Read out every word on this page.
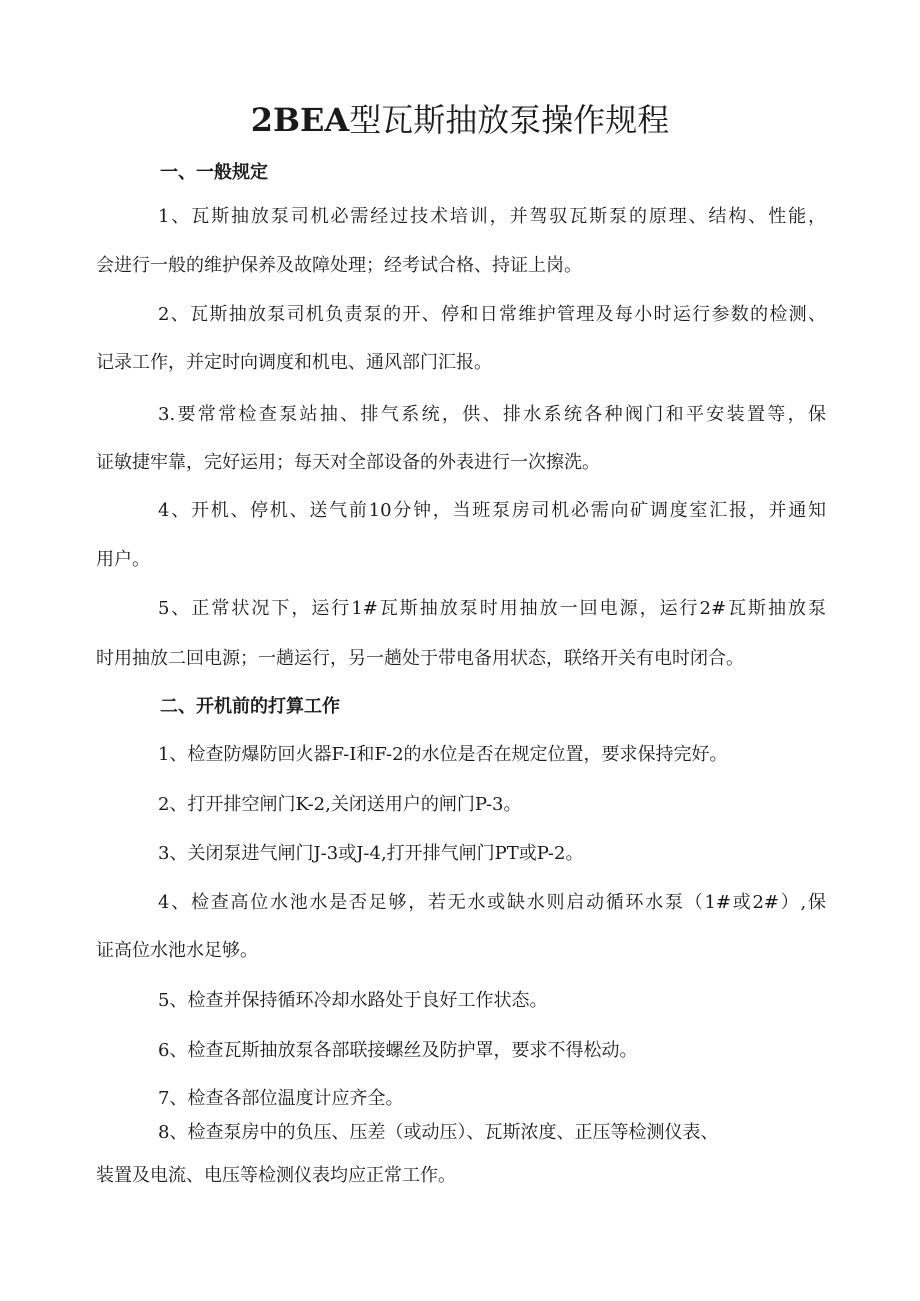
2BEA型瓦斯抽放泵操作规程
一、一般规定
1、瓦斯抽放泵司机必需经过技术培训，并驾驭瓦斯泵的原理、结构、性能，
会进行一般的维护保养及故障处理；经考试合格、持证上岗。
2、瓦斯抽放泵司机负责泵的开、停和日常维护管理及每小时运行参数的检测、
记录工作，并定时向调度和机电、通风部门汇报。
3.要常常检查泵站抽、排气系统，供、排水系统各种阀门和平安装置等，保
证敏捷牢靠，完好运用；每天对全部设备的外表进行一次擦洗。
4、开机、停机、送气前10分钟，当班泵房司机必需向矿调度室汇报，并通知
用户。
5、正常状况下，运行1#瓦斯抽放泵时用抽放一回电源，运行2#瓦斯抽放泵
时用抽放二回电源；一趟运行，另一趟处于带电备用状态，联络开关有电时闭合。
二、开机前的打算工作
1、检查防爆防回火器F-I和F-2的水位是否在规定位置，要求保持完好。
2、打开排空闸门K-2,关闭送用户的闸门P-3。
3、关闭泵进气闸门J-3或J-4,打开排气闸门PT或P-2。
4、检查高位水池水是否足够，若无水或缺水则启动循环水泵（1#或2#）,保
证高位水池水足够。
5、检查并保持循环冷却水路处于良好工作状态。
6、检查瓦斯抽放泵各部联接螺丝及防护罩，要求不得松动。
7、检查各部位温度计应齐全。
8、检查泵房中的负压、压差（或动压）、瓦斯浓度、正压等检测仪表、
装置及电流、电压等检测仪表均应正常工作。
